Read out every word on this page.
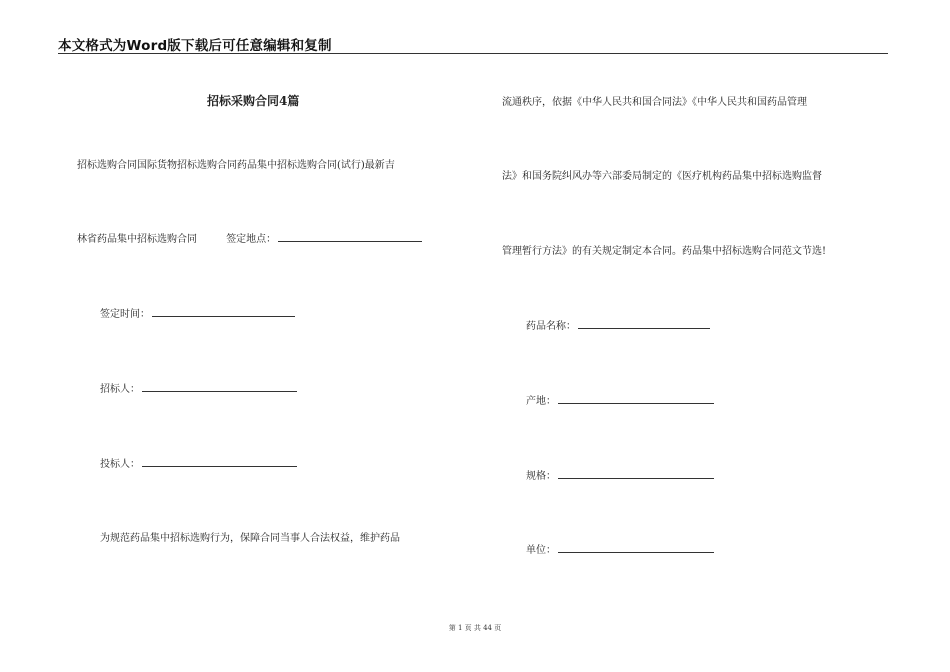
本文格式为Word版下载后可任意编辑和复制
招标采购合同4篇
招标选购合同国际货物招标选购合同药品集中招标选购合同(试行)最新吉
林省药品集中招标选购合同	签定地点：
签定时间：
招标人：
投标人：
为规范药品集中招标选购行为，保障合同当事人合法权益，维护药品
流通秩序，依据《中华人民共和国合同法》《中华人民共和国药品管理
法》和国务院纠风办等六部委局制定的《医疗机构药品集中招标选购监督
管理暂行方法》的有关规定制定本合同。药品集中招标选购合同范文节选!
药品名称：
产地：
规格：
单位：
第 1 页 共 44 页
